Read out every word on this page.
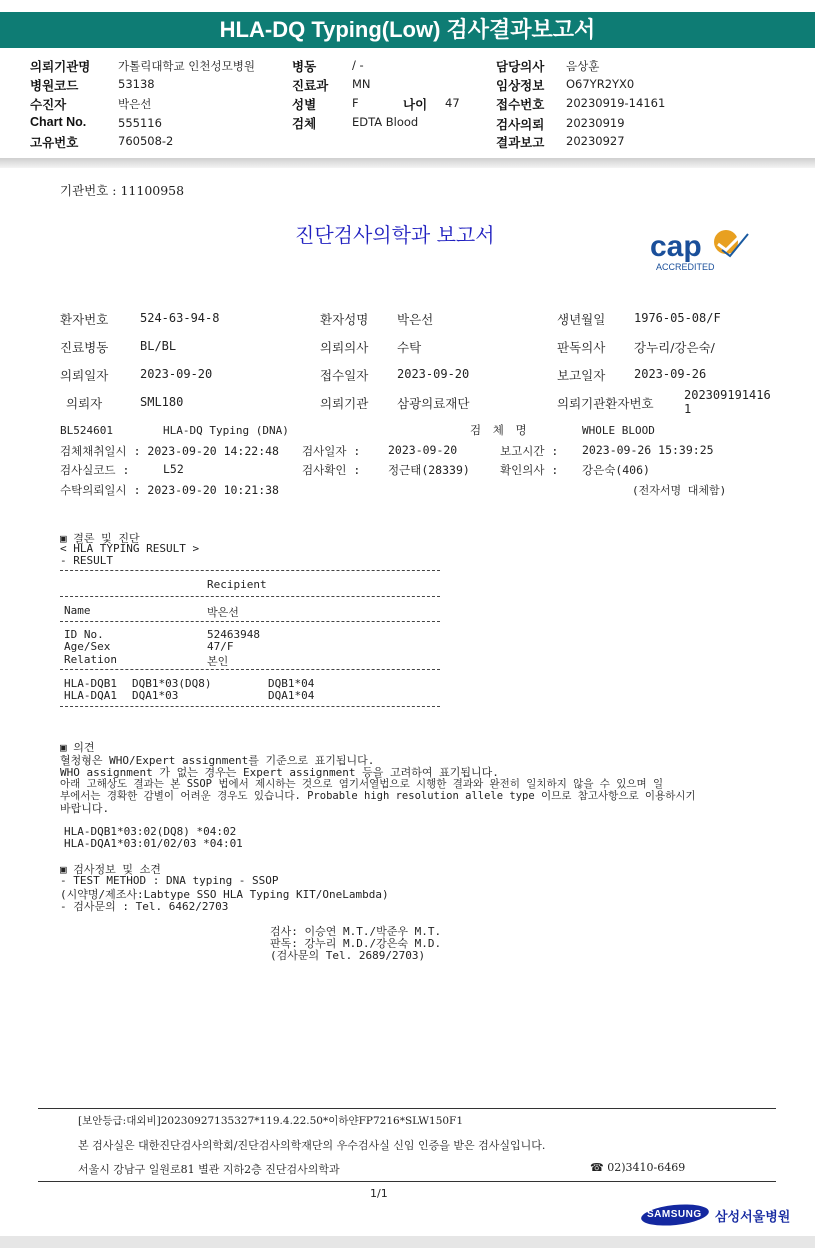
HLA-DQ Typing(Low) 검사결과보고서
의뢰기관명 가톨릭대학교 인천성모병원
병원코드	53138
수진자	박은선
Chart No.	555116
고유번호	760508-2
병동	/ -
진료과 MN
성별	F	나이 47
검체	EDTA Blood
담당의사 음상훈
임상정보 O67YR2YX0
접수번호 20230919-14161
검사의뢰 20230919
결과보고 20230927
기관번호 : 11100958
진단검사의학과 보고서	cap
ACCREDITED
환자번호	524-63-94-8	환자성명 박은선	생년월일 1976-05-08/F
진료병동	BL/BL	의뢰의사 수탁	판독의사 강누리/강은숙/
의뢰일자	2023-09-20	접수일자 2023-09-20	보고일자 2023-09-26
의뢰자	SML180	의뢰기관 삼광의료재단	의뢰기관환자번호
202309191416
1
BL524601	HLA-DQ Typing (DNA)	검 체 명	WHOLE BLOOD
검체채취일시 : 2023-09-20 14:22:48 검사일자 : 2023-09-20	보고시간 : 2023-09-26 15:39:25
검사실코드 :	L52	검사확인 : 정근태(28339)	확인의사 : 강은숙(406)
수탁의뢰일시 : 2023-09-20 10:21:38	(전자서명 대체함)
▣ 결론 및 진단
< HLA TYPING RESULT >
- RESULT
Recipient
Name	박은선
ID No.	52463948
Age/Sex	47/F
Relation	본인
HLA-DQB1 DQB1*03(DQ8)	DQB1*04
HLA-DQA1 DQA1*03	DQA1*04
▣ 의견
혈청형은 WHO/Expert assignment를 기준으로 표기됩니다.
WHO assignment 가 없는 경우는 Expert assignment 등을 고려하여 표기됩니다.
아래 고해상도 결과는 본 SSOP 법에서 제시하는 것으로 염기서열법으로 시행한 결과와 완전히 일치하지 않을 수 있으며 일
부에서는 경확한 감별이 어려운 경우도 있습니다. Probable high resolution allele type 이므로 참고사항으로 이용하시기
바랍니다.
HLA-DQB1*03:02(DQ8) *04:02
HLA-DQA1*03:01/02/03 *04:01
▣ 검사정보 및 소견
- TEST METHOD : DNA typing - SSOP
(시약명/제조사:Labtype SSO HLA Typing KIT/OneLambda)
- 검사문의 : Tel. 6462/2703
검사: 이승연 M.T./박준우 M.T.
판독: 강누리 M.D./강은숙 M.D.
(검사문의 Tel. 2689/2703)
[보안등급:대외비]20230927135327*119.4.22.50*이하얀FP7216*SLW150F1
본 검사실은 대한진단검사의학회/진단검사의학재단의 우수검사실 신임 인증을 받은 검사실입니다.
서울시 강남구 일원로81 별관 지하2층 진단검사의학과	☎ 02)3410-6469
1/1
SAMSUNG 삼성서울병원
